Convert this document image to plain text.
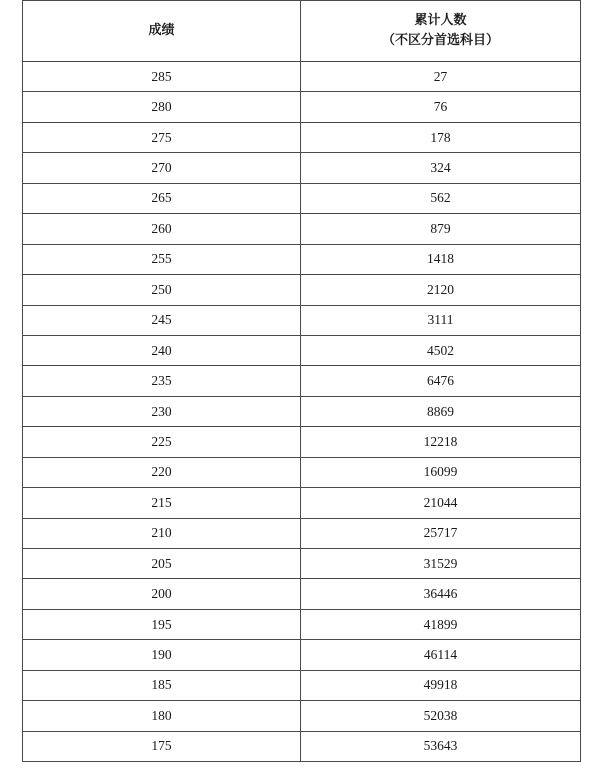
成绩	累计人数
（不区分首选科目）

285	27
280	76
275	178
270	324
265	562
260	879
255	1418
250	2120
245	3111
240	4502
235	6476
230	8869
225	12218
220	16099
215	21044
210	25717
205	31529
200	36446
195	41899
190	46114
185	49918
180	52038
175	53643
